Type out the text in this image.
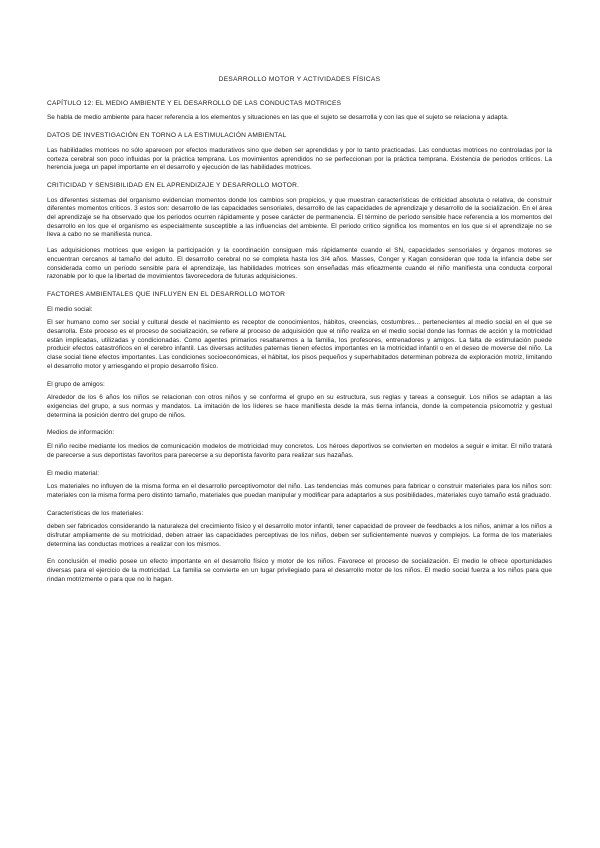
DESARROLLO MOTOR Y ACTIVIDADES FÍSICAS
CAPÍTULO 12: EL MEDIO AMBIENTE Y EL DESARROLLO DE LAS CONDUCTAS MOTRICES

Se habla de medio ambiente para hacer referencia a los elementos y situaciones en las que el sujeto se desarrolla y con las que el sujeto se relaciona y adapta.

DATOS DE INVESTIGACIÓN EN TORNO A LA ESTIMULACIÓN AMBIENTAL

Las habilidades motrices no sólo aparecen por efectos madurativos sino que deben ser aprendidas y por lo tanto practicadas. Las conductas motrices no controladas por la corteza cerebral son poco influidas por la práctica temprana. Los movimientos aprendidos no se perfeccionan por la práctica temprana. Existencia de periodos críticos. La herencia juega un papel importante en el desarrollo y ejecución de las habilidades motrices.

CRITICIDAD Y SENSIBILIDAD EN EL APRENDIZAJE Y DESARROLLO MOTOR.

Los diferentes sistemas del organismo evidencian momentos donde los cambios son propicios, y que muestran características de criticidad absoluta o relativa, de construir diferentes momentos críticos. 3 estos son: desarrollo de las capacidades sensoriales, desarrollo de las capacidades de aprendizaje y desarrollo de la socialización. En el área del aprendizaje se ha observado que los periodos ocurren rápidamente y posee carácter de permanencia. El término de período sensible hace referencia a los momentos del desarrollo en los que el organismo es especialmente susceptible a las influencias del ambiente. El periodo crítico significa los momentos en los que si el aprendizaje no se lleva a cabo no se manifiesta nunca.

Las adquisiciones motrices que exigen la participación y la coordinación consiguen más rápidamente cuando el SN, capacidades sensoriales y órganos motores se encuentran cercanos al tamaño del adulto. El desarrollo cerebral no se completa hasta los 3/4 años. Masses, Conger y Kagan consideran que toda la infancia debe ser considerada como un período sensible para el aprendizaje, las habilidades motrices son enseñadas más eficazmente cuando el niño manifiesta una conducta corporal razonable por lo que la libertad de movimientos favorecedora de futuras adquisiciones.

FACTORES AMBIENTALES QUE INFLUYEN EN EL DESARROLLO MOTOR
El medio social:

El ser humano como ser social y cultural desde el nacimiento es receptor de conocimientos, hábitos, creencias, costumbres... pertenecientes al medio social en el que se desarrolla. Este proceso es el proceso de socialización, se refiere al proceso de adquisición que el niño realiza en el medio social donde las formas de acción y la motricidad están implicadas, utilizadas y condicionadas. Como agentes primarios resaltaremos a la familia, los profesores, entrenadores y amigos. La falta de estimulación puede producir efectos catastróficos en el cerebro infantil. Las diversas actitudes paternas tienen efectos importantes en la motricidad infantil o en el deseo de moverse del niño. La clase social tiene efectos importantes. Las condiciones socioeconómicas, el hábitat, los pisos pequeños y superhabitados determinan pobreza de exploración motriz, limitando el desarrollo motor y arriesgando el propio desarrollo físico.

El grupo de amigos:

Alrededor de los 6 años los niños se relacionan con otros niños y se conforma el grupo en su estructura, sus reglas y tareas a conseguir. Los niños se adaptan a las exigencias del grupo, a sus normas y mandatos. La imitación de los líderes se hace manifiesta desde la más tierna infancia, donde la competencia psicomotriz y gestual determina la posición dentro del grupo de niños.

Medios de información:

El niño recibe mediante los medios de comunicación modelos de motricidad muy concretos. Los héroes deportivos se convierten en modelos a seguir e imitar. El niño tratará de parecerse a sus deportistas favoritos para parecerse a su deportista favorito para realizar sus hazañas.

El medio material:

Los materiales no influyen de la misma forma en el desarrollo perceptivomotor del niño. Las tendencias más comunes para fabricar o construir materiales para los niños son: materiales con la misma forma pero distinto tamaño, materiales que puedan manipular y modificar para adaptarlos a sus posibilidades, materiales cuyo tamaño está graduado.

Características de los materiales:

deben ser fabricados considerando la naturaleza del crecimiento físico y el desarrollo motor infantil, tener capacidad de proveer de feedbacks a los niños, animar a los niños a disfrutar ampliamente de su motricidad, deben atraer las capacidades perceptivas de los niños, deben ser suficientemente nuevos y complejos. La forma de los materiales determina las conductas motrices a realizar con los mismos.

En conclusión el medio posee un efecto importante en el desarrollo físico y motor de los niños. Favorece el proceso de socialización. El medio le ofrece oportunidades diversas para el ejercicio de la motricidad. La familia se convierte en un lugar privilegiado para el desarrollo motor de los niños. El medio social fuerza a los niños para que rindan motrizmente o para que no lo hagan.
